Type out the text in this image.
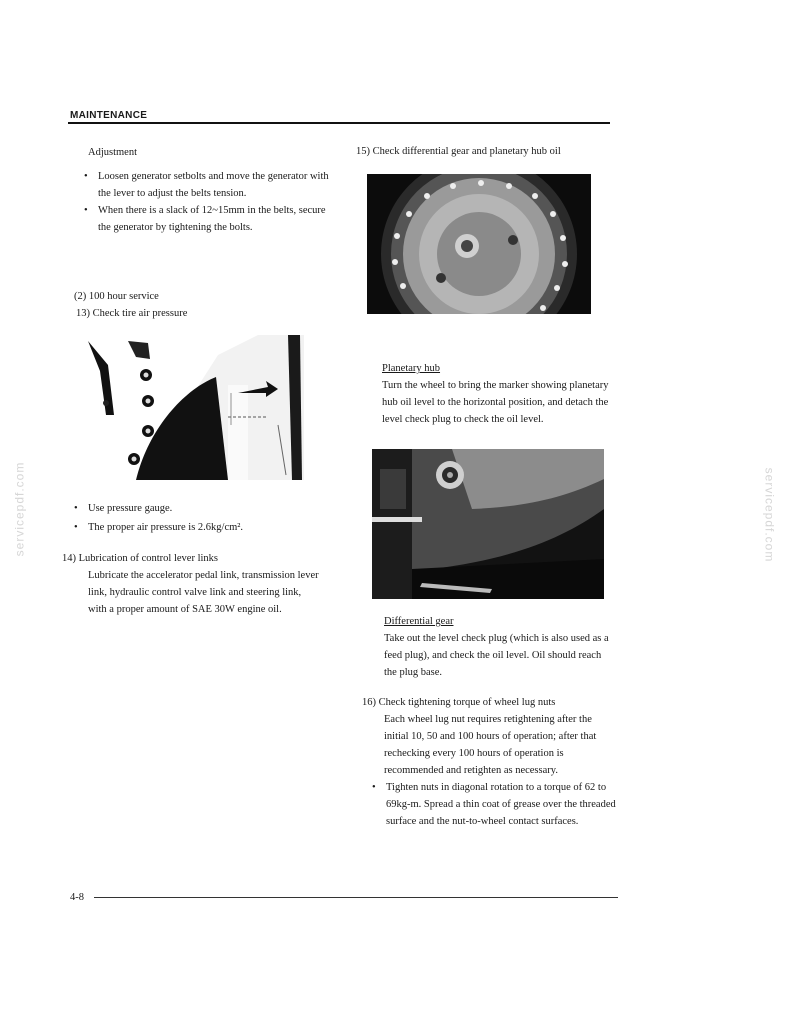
MAINTENANCE
servicepdf.com	servicepdf.com
Adjustment
• Loosen generator setbolts and move the generator with the lever to adjust the belts tension.
• When there is a slack of 12~15mm in the belts, secure the generator by tightening the bolts.
(2) 100 hour service
13) Check tire air pressure
• Use pressure gauge.
• The proper air pressure is 2.6kg/cm².
14) Lubrication of control lever links
Lubricate the accelerator pedal link, transmission lever link, hydraulic control valve link and steering link, with a proper amount of SAE 30W engine oil.
15) Check differential gear and planetary hub oil
Planetary hub
Turn the wheel to bring the marker showing planetary hub oil level to the horizontal position, and detach the level check plug to check the oil level.
Differential gear
Take out the level check plug (which is also used as a feed plug), and check the oil level. Oil should reach the plug base.
16) Check tightening torque of wheel lug nuts
Each wheel lug nut requires retightening after the initial 10, 50 and 100 hours of operation; after that rechecking every 100 hours of operation is recommended and retighten as necessary.
• Tighten nuts in diagonal rotation to a torque of 62 to 69kg-m. Spread a thin coat of grease over the threaded surface and the nut-to-wheel contact surfaces.
4-8
